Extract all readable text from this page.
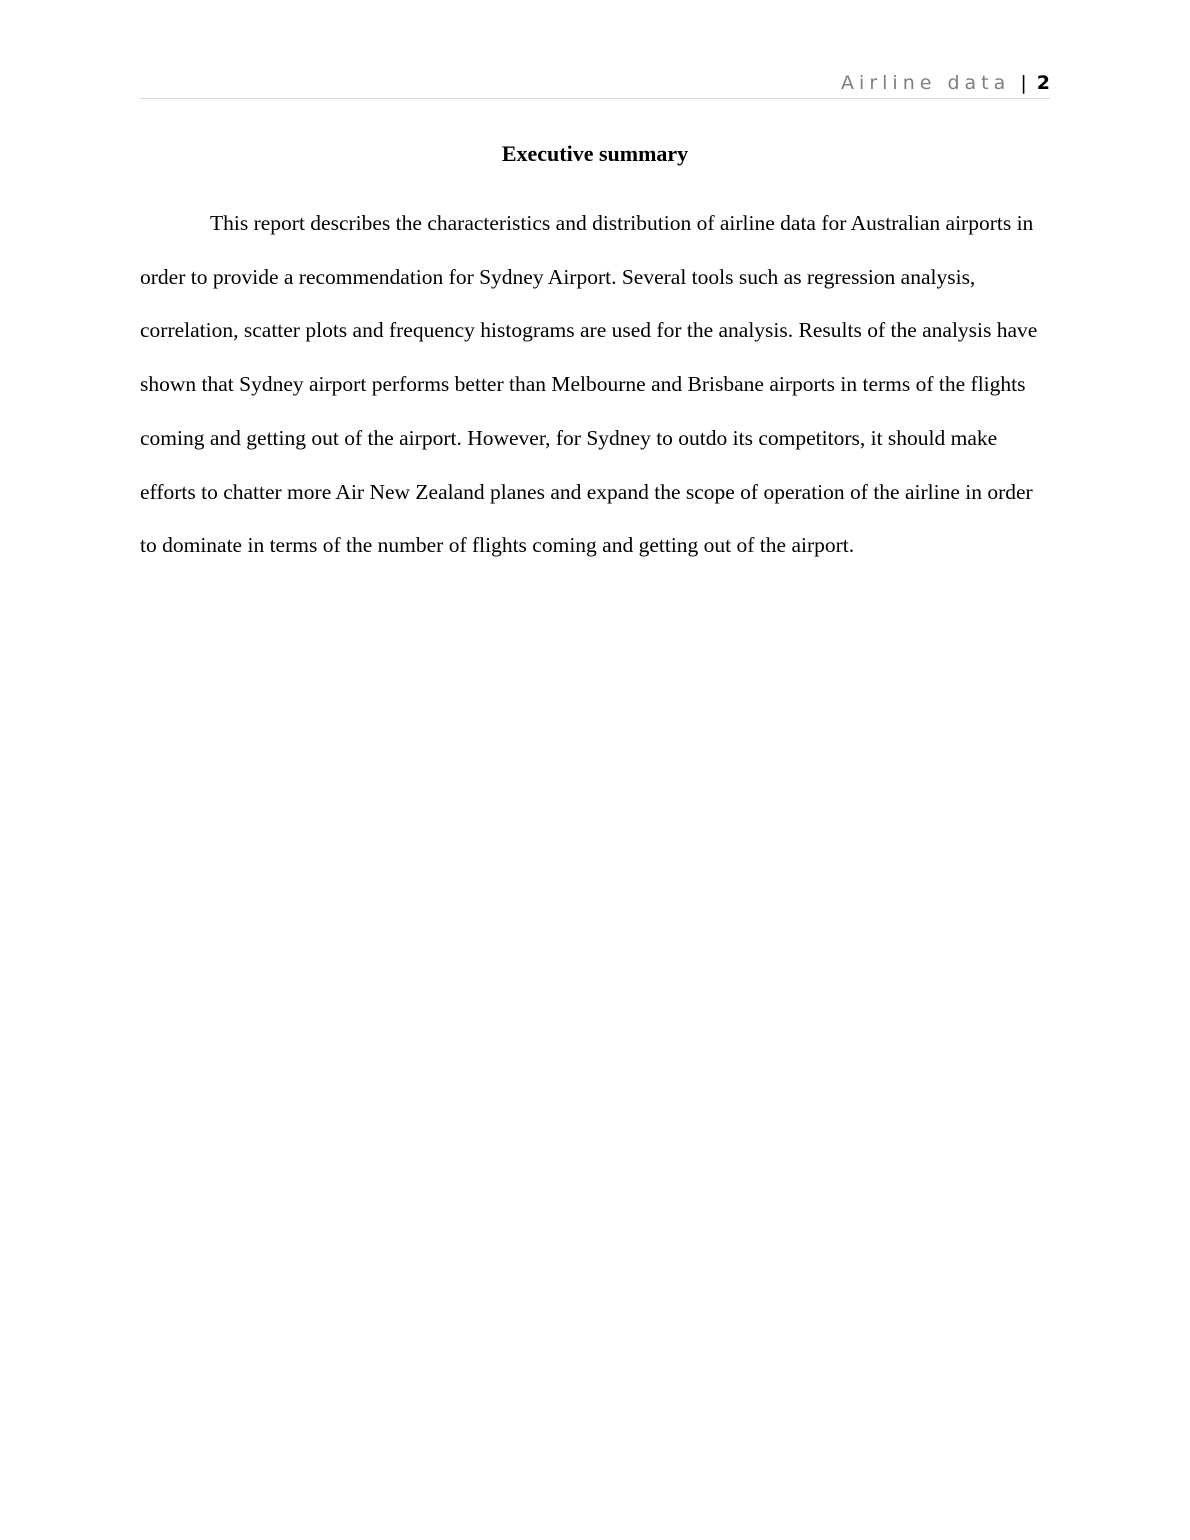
Airline data | 2
Executive summary

This report describes the characteristics and distribution of airline data for Australian airports in order to provide a recommendation for Sydney Airport. Several tools such as regression analysis, correlation, scatter plots and frequency histograms are used for the analysis. Results of the analysis have shown that Sydney airport performs better than Melbourne and Brisbane airports in terms of the flights coming and getting out of the airport. However, for Sydney to outdo its competitors, it should make efforts to chatter more Air New Zealand planes and expand the scope of operation of the airline in order to dominate in terms of the number of flights coming and getting out of the airport.
